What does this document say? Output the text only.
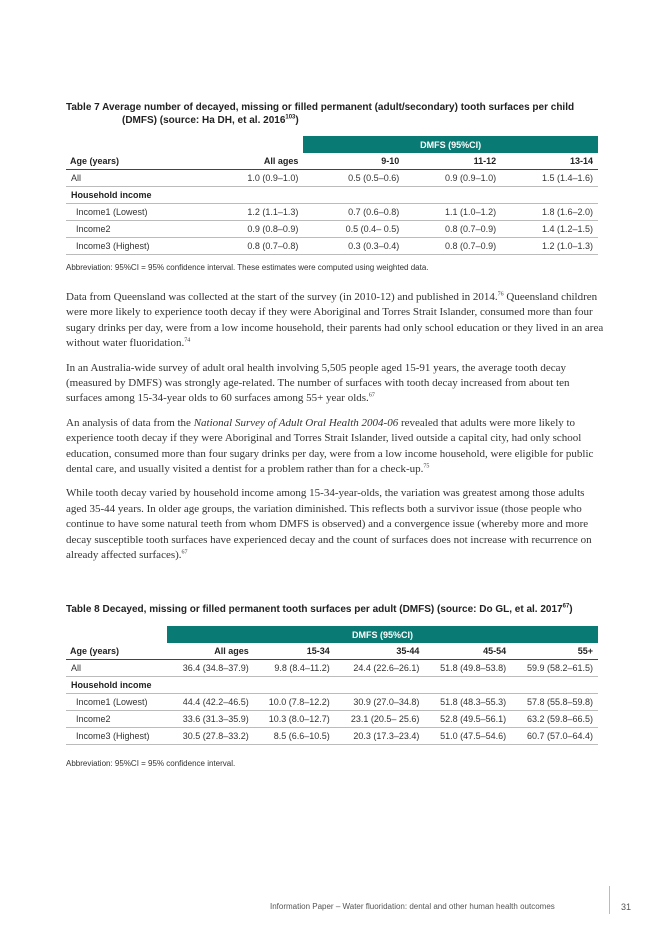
Table 7 Average number of decayed, missing or filled permanent (adult/secondary) tooth surfaces per child
(DMFS) (source: Ha DH, et al. 2016$^{103}$)
		DMFS (95%CI)		
Age (years)	All ages	9-10	11-12	13-14
All	1.0 (0.9–1.0)	0.5 (0.5–0.6)	0.9 (0.9–1.0)	1.5 (1.4–1.6)
Household income				
Income1 (Lowest)	1.2 (1.1–1.3)	0.7 (0.6–0.8)	1.1 (1.0–1.2)	1.8 (1.6–2.0)
Income2	0.9 (0.8–0.9)	0.5 (0.4– 0.5)	0.8 (0.7–0.9)	1.4 (1.2–1.5)
Income3 (Highest)	0.8 (0.7–0.8)	0.3 (0.3–0.4)	0.8 (0.7–0.9)	1.2 (1.0–1.3)
Abbreviation: 95%CI = 95% confidence interval. These estimates were computed using weighted data.

Data from Queensland was collected at the start of the survey (in 2010-12) and published in 2014.76 Queensland children were more likely to experience tooth decay if they were Aboriginal and Torres Strait Islander, consumed more than four sugary drinks per day, were from a low income household, their parents had only school education or they lived in an area without water fluoridation.$^{74}$

In an Australia-wide survey of adult oral health involving 5,505 people aged 15-91 years, the average tooth decay (measured by DMFS) was strongly age-related. The number of surfaces with tooth decay increased from about ten surfaces among 15-34-year olds to 60 surfaces among 55+ year olds.$^{67}$

An analysis of data from the National Survey of Adult Oral Health 2004-06 revealed that adults were more likely to experience tooth decay if they were Aboriginal and Torres Strait Islander, lived outside a capital city, had only school education, consumed more than four sugary drinks per day, were from a low income household, were eligible for public dental care, and usually visited a dentist for a problem rather than for a check-up.$^{75}$

While tooth decay varied by household income among 15-34-year-olds, the variation was greatest among those adults aged 35-44 years. In older age groups, the variation diminished. This reflects both a survivor issue (those people who continue to have some natural teeth from whom DMFS is observed) and a convergence issue (whereby more and more decay susceptible tooth surfaces have experienced decay and the count of surfaces does not increase with recurrence on already affected surfaces).$^{67}$

Table 8 Decayed, missing or filled permanent tooth surfaces per adult (DMFS) (source: Do GL, et al. 2017$^{67}$)
	DMFS (95%CI)				
Age (years)	All ages	15-34	35-44	45-54	55+
All	36.4 (34.8–37.9)	9.8 (8.4–11.2)	24.4 (22.6–26.1)	51.8 (49.8–53.8)	59.9 (58.2–61.5)
Household income					
Income1 (Lowest)	44.4 (42.2–46.5)	10.0 (7.8–12.2)	30.9 (27.0–34.8)	51.8 (48.3–55.3)	57.8 (55.8–59.8)
Income2	33.6 (31.3–35.9)	10.3 (8.0–12.7)	23.1 (20.5– 25.6)	52.8 (49.5–56.1)	63.2 (59.8–66.5)
Income3 (Highest)	30.5 (27.8–33.2)	8.5 (6.6–10.5)	20.3 (17.3–23.4)	51.0 (47.5–54.6)	60.7 (57.0–64.4)
Abbreviation: 95%CI = 95% confidence interval.
Information Paper – Water fluoridation: dental and other human health outcomes	31
